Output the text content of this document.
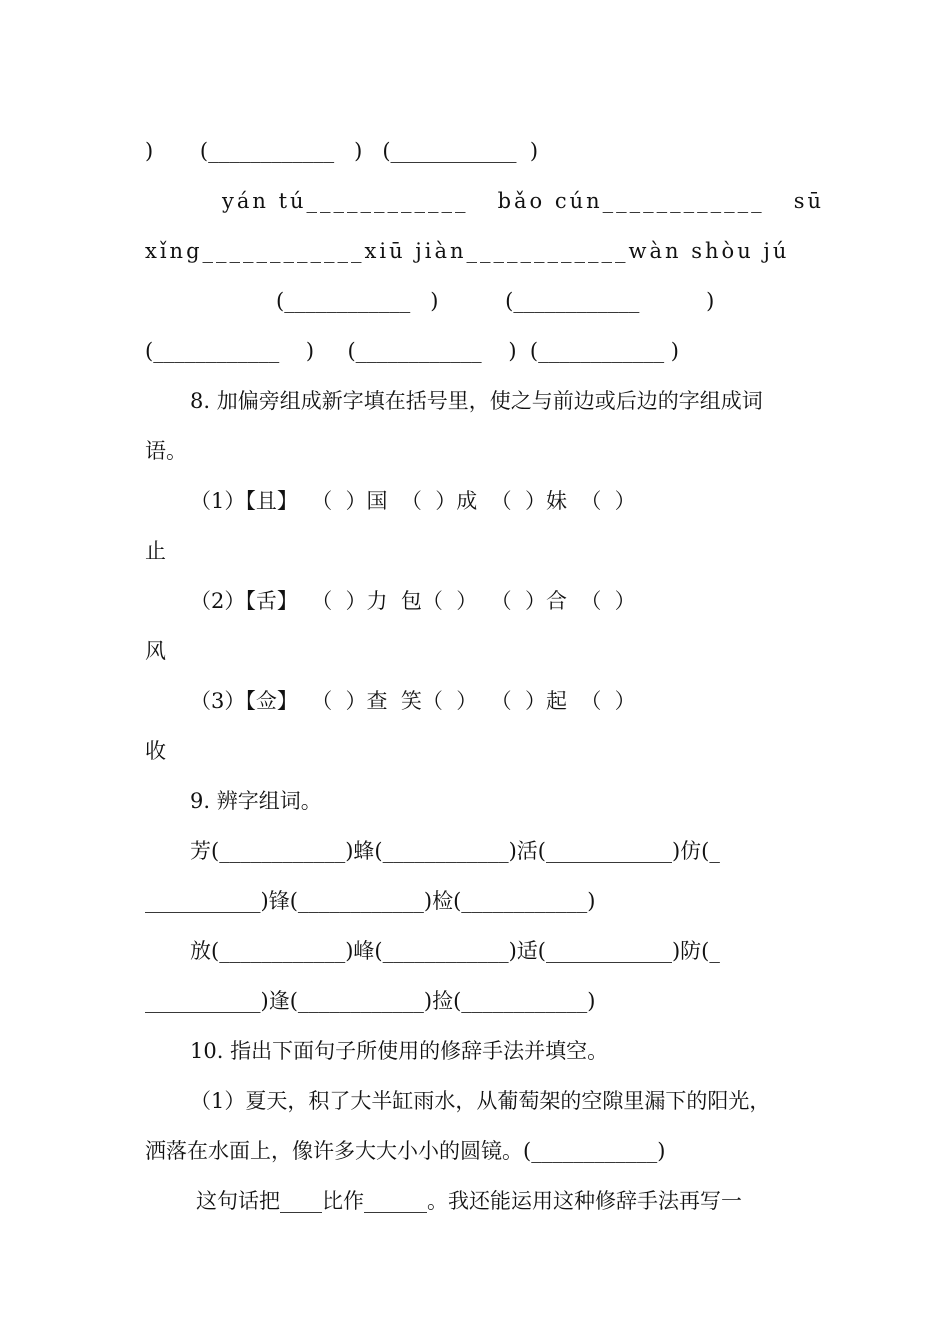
)       (____________   )   (____________  )
yán tú____________   bǎo cún____________   sū
xǐng____________xiū jiàn____________wàn shòu jú
(____________   )          (____________          )
(____________    )     (____________    )  (____________ )
8. 加偏旁组成新字填在括号里，使之与前边或后边的字组成词
语。
（1）【且】  （  ）国  （  ）成  （  ）妹  （  ）
止
（2）【舌】  （  ）力  包（  ）  （  ）合  （  ）
风
（3）【佥】  （  ）查  笑（  ）  （  ）起  （  ）
收
9. 辨字组词。
芳(____________)蜂(____________)活(____________)仿(_
___________)锋(____________)检(____________)
放(____________)峰(____________)适(____________)防(_
___________)逢(____________)捡(____________)
10. 指出下面句子所使用的修辞手法并填空。
（1）夏天，积了大半缸雨水，从葡萄架的空隙里漏下的阳光，
洒落在水面上，像许多大大小小的圆镜。(____________)
这句话把____比作______。我还能运用这种修辞手法再写一
